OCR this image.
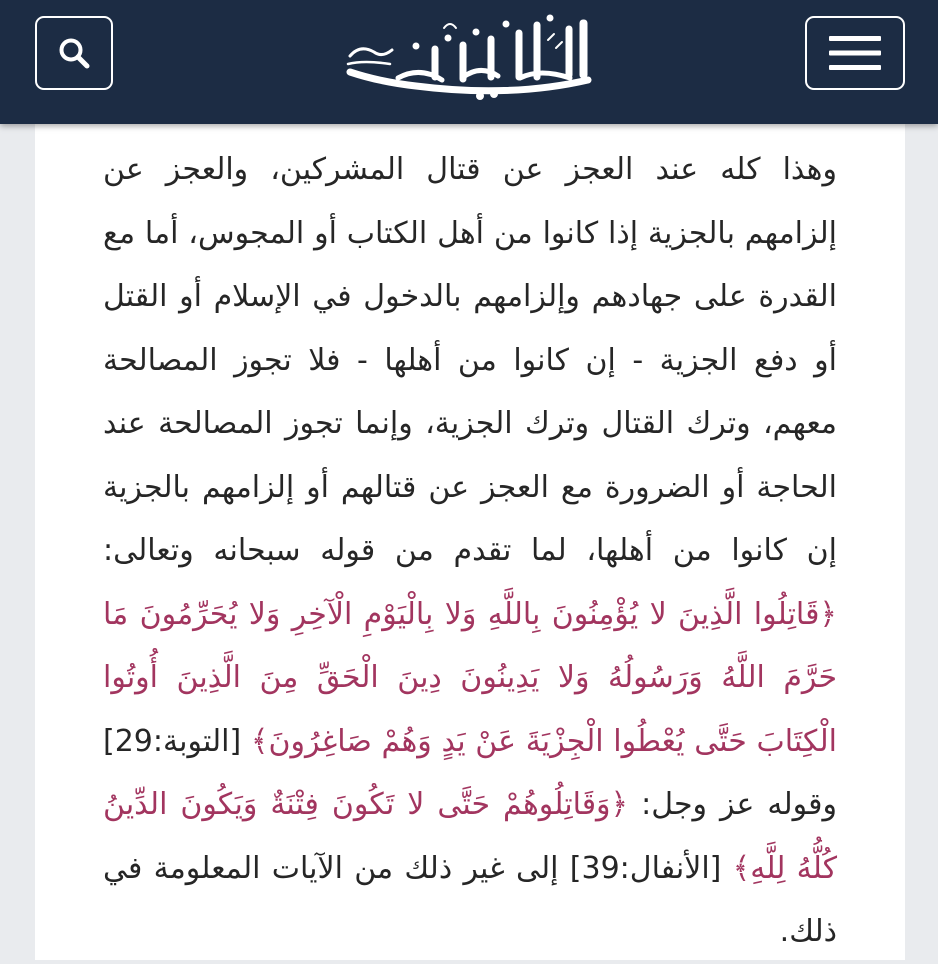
وهذا كله عند العجز عن قتال المشركين، والعجز عن إلزامهم بالجزية إذا كانوا من أهل الكتاب أو المجوس، أما مع القدرة على جهادهم وإلزامهم بالدخول في الإسلام أو القتل أو دفع الجزية - إن كانوا من أهلها - فلا تجوز المصالحة معهم، وترك القتال وترك الجزية، وإنما تجوز المصالحة عند الحاجة أو الضرورة مع العجز عن قتالهم أو إلزامهم بالجزية إن كانوا من أهلها، لما تقدم من قوله سبحانه وتعالى: ﴿قَاتِلُوا الَّذِينَ لا يُؤْمِنُونَ بِاللَّهِ وَلا بِالْيَوْمِ الْآخِرِ وَلا يُحَرِّمُونَ مَا حَرَّمَ اللَّهُ وَرَسُولُهُ وَلا يَدِينُونَ دِينَ الْحَقِّ مِنَ الَّذِينَ أُوتُوا الْكِتَابَ حَتَّى يُعْطُوا الْجِزْيَةَ عَنْ يَدٍ وَهُمْ صَاغِرُونَ﴾ [التوبة:29] وقوله عز وجل: ﴿وَقَاتِلُوهُمْ حَتَّى لا تَكُونَ فِتْنَةٌ وَيَكُونَ الدِّينُ كُلُّهُ لِلَّهِ﴾ [الأنفال:39] إلى غير ذلك من الآيات المعلومة في ذلك.
